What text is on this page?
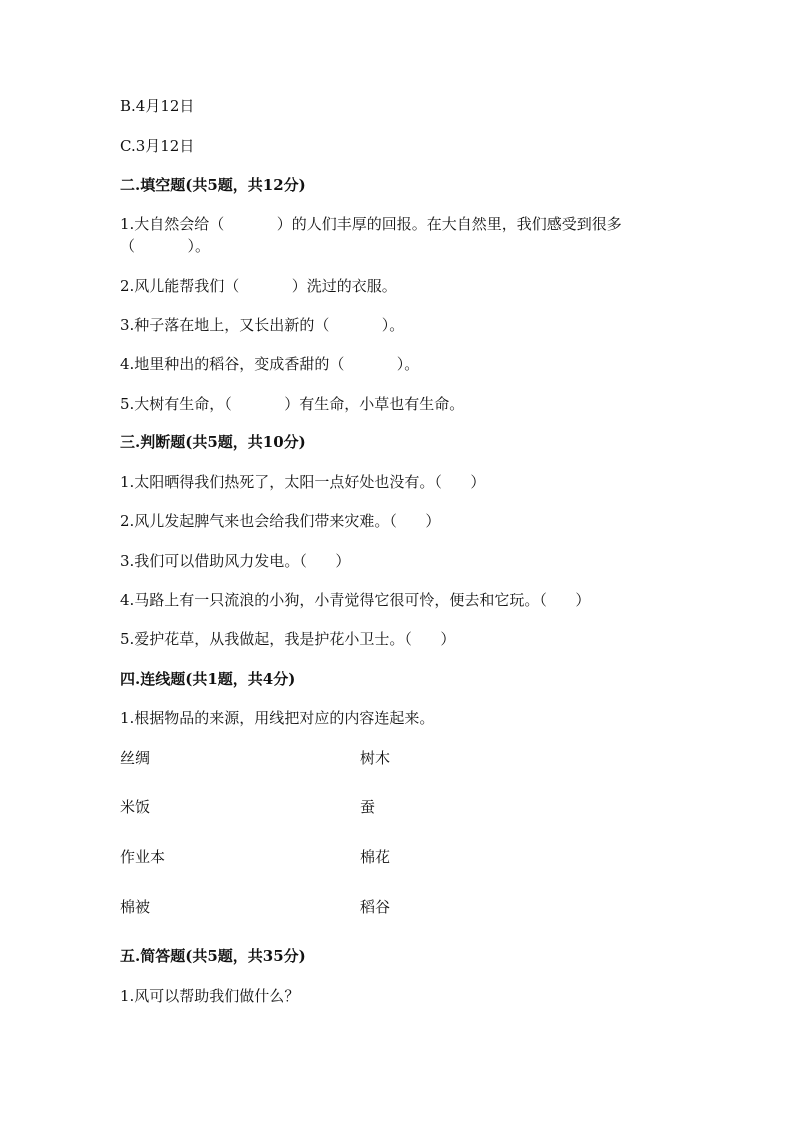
B.4月12日
C.3月12日
二.填空题(共5题，共12分)
1.大自然会给（           ）的人们丰厚的回报。在大自然里，我们感受到很多
（           ）。
2.风儿能帮我们（           ）洗过的衣服。
3.种子落在地上，又长出新的（           ）。
4.地里种出的稻谷，变成香甜的（           ）。
5.大树有生命，（           ）有生命，小草也有生命。
三.判断题(共5题，共10分)
1.太阳晒得我们热死了，太阳一点好处也没有。（      ）
2.风儿发起脾气来也会给我们带来灾难。（      ）
3.我们可以借助风力发电。（      ）
4.马路上有一只流浪的小狗，小青觉得它很可怜，便去和它玩。（      ）
5.爱护花草，从我做起，我是护花小卫士。（      ）
四.连线题(共1题，共4分)
1.根据物品的来源，用线把对应的内容连起来。
丝绸	树木
米饭	蚕
作业本	棉花
棉被	稻谷
五.简答题(共5题，共35分)
1.风可以帮助我们做什么？
